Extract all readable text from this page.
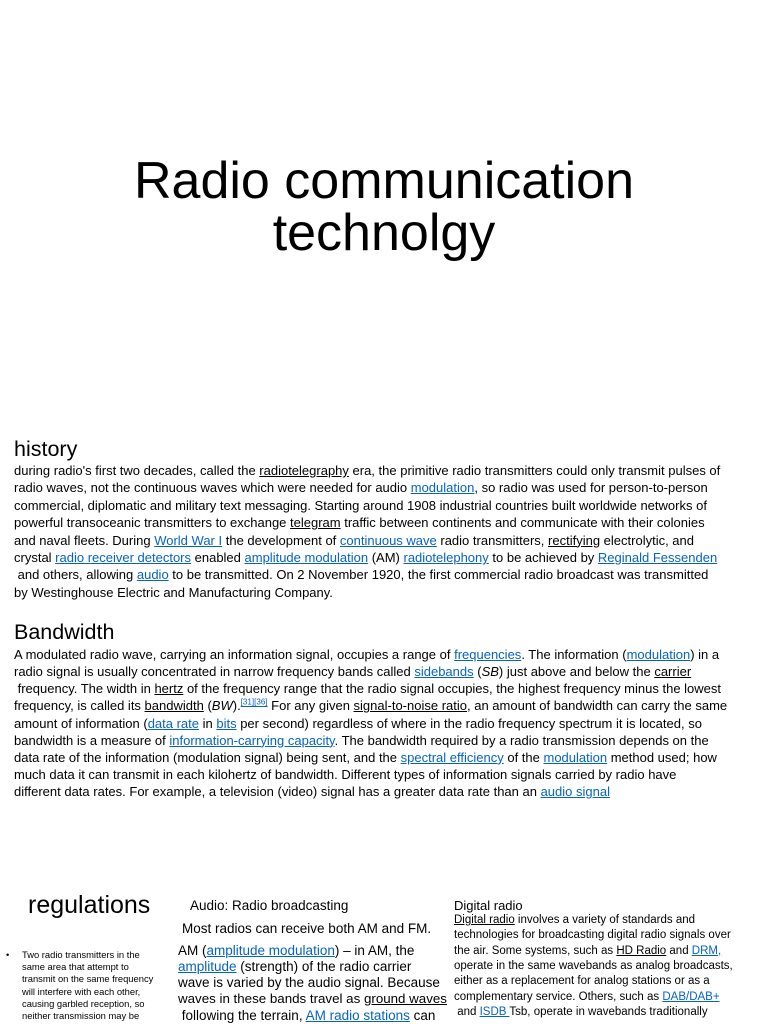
Radio communication
technolgy
history
during radio's first two decades, called the radiotelegraphy era, the primitive radio transmitters could only transmit pulses of
radio waves, not the continuous waves which were needed for audio modulation, so radio was used for person-to-person
commercial, diplomatic and military text messaging. Starting around 1908 industrial countries built worldwide networks of
powerful transoceanic transmitters to exchange telegram traffic between continents and communicate with their colonies
and naval fleets. During World War I the development of continuous wave radio transmitters, rectifying electrolytic, and
crystal radio receiver detectors enabled amplitude modulation (AM) radiotelephony to be achieved by Reginald Fessenden
and others, allowing audio to be transmitted. On 2 November 1920, the first commercial radio broadcast was transmitted
by Westinghouse Electric and Manufacturing Company.
Bandwidth
A modulated radio wave, carrying an information signal, occupies a range of frequencies. The information (modulation) in a
radio signal is usually concentrated in narrow frequency bands called sidebands (SB) just above and below the carrier
frequency. The width in hertz of the frequency range that the radio signal occupies, the highest frequency minus the lowest
frequency, is called its bandwidth (BW).[31][36] For any given signal-to-noise ratio, an amount of bandwidth can carry the same
amount of information (data rate in bits per second) regardless of where in the radio frequency spectrum it is located, so
bandwidth is a measure of information-carrying capacity. The bandwidth required by a radio transmission depends on the
data rate of the information (modulation signal) being sent, and the spectral efficiency of the modulation method used; how
much data it can transmit in each kilohertz of bandwidth. Different types of information signals carried by radio have
different data rates. For example, a television (video) signal has a greater data rate than an audio signal
regulations
•
Two radio transmitters in the
same area that attempt to
transmit on the same frequency
will interfere with each other,
causing garbled reception, so
neither transmission may be
Audio: Radio broadcasting
Most radios can receive both AM and FM.
AM (amplitude modulation) – in AM, the
amplitude (strength) of the radio carrier
wave is varied by the audio signal. Because
waves in these bands travel as ground waves
following the terrain, AM radio stations can
Digital radio
Digital radio involves a variety of standards and
technologies for broadcasting digital radio signals over
the air. Some systems, such as HD Radio and DRM,
operate in the same wavebands as analog broadcasts,
either as a replacement for analog stations or as a
complementary service. Others, such as DAB/DAB+
and ISDB Tsb, operate in wavebands traditionally
